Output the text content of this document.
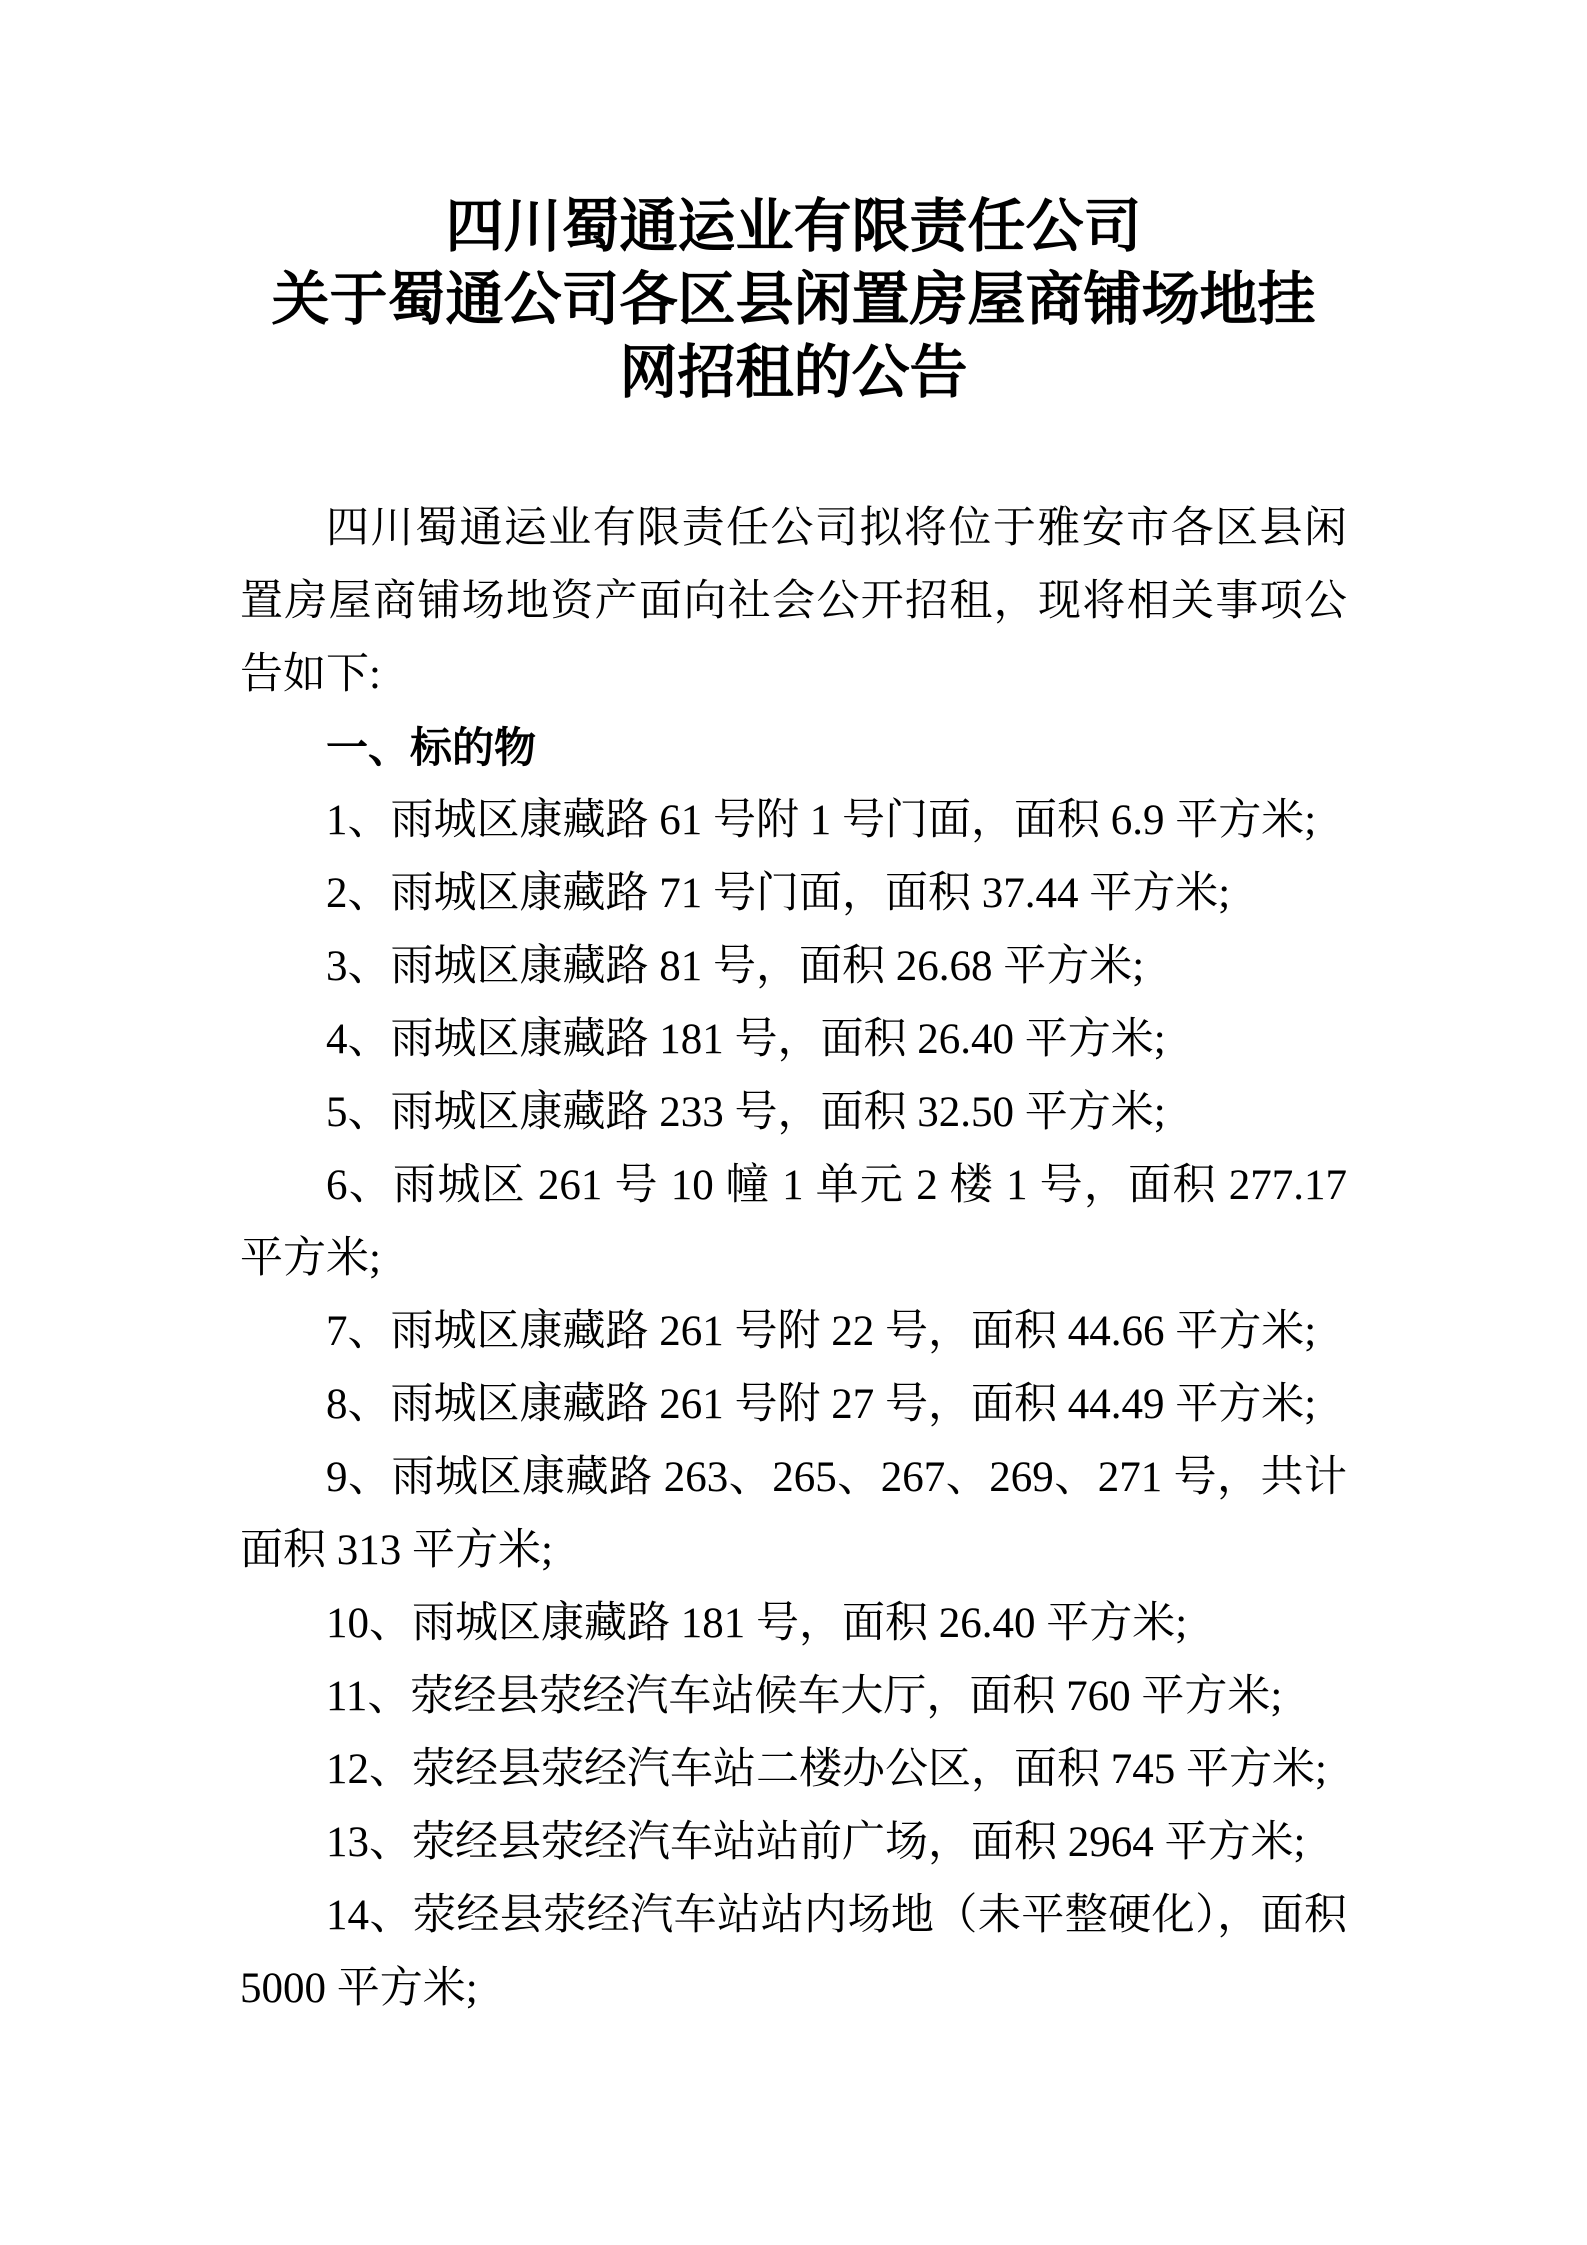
四川蜀通运业有限责任公司
关于蜀通公司各区县闲置房屋商铺场地挂
网招租的公告

四川蜀通运业有限责任公司拟将位于雅安市各区县闲置房屋商铺场地资产面向社会公开招租，现将相关事项公告如下:

一、标的物

1、雨城区康藏路 61 号附 1 号门面，面积 6.9 平方米;

2、雨城区康藏路 71 号门面，面积 37.44 平方米;

3、雨城区康藏路 81 号，面积 26.68 平方米;

4、雨城区康藏路 181 号，面积 26.40 平方米;

5、雨城区康藏路 233 号，面积 32.50 平方米;

6、雨城区 261 号 10 幢 1 单元 2 楼 1 号，面积 277.17 平方米;

7、雨城区康藏路 261 号附 22 号，面积 44.66 平方米;

8、雨城区康藏路 261 号附 27 号，面积 44.49 平方米;

9、雨城区康藏路 263、265、267、269、271 号，共计面积 313 平方米;

10、雨城区康藏路 181 号，面积 26.40 平方米;

11、荥经县荥经汽车站候车大厅，面积 760 平方米;

12、荥经县荥经汽车站二楼办公区，面积 745 平方米;

13、荥经县荥经汽车站站前广场，面积 2964 平方米;

14、荥经县荥经汽车站站内场地（未平整硬化），面积 5000 平方米;
